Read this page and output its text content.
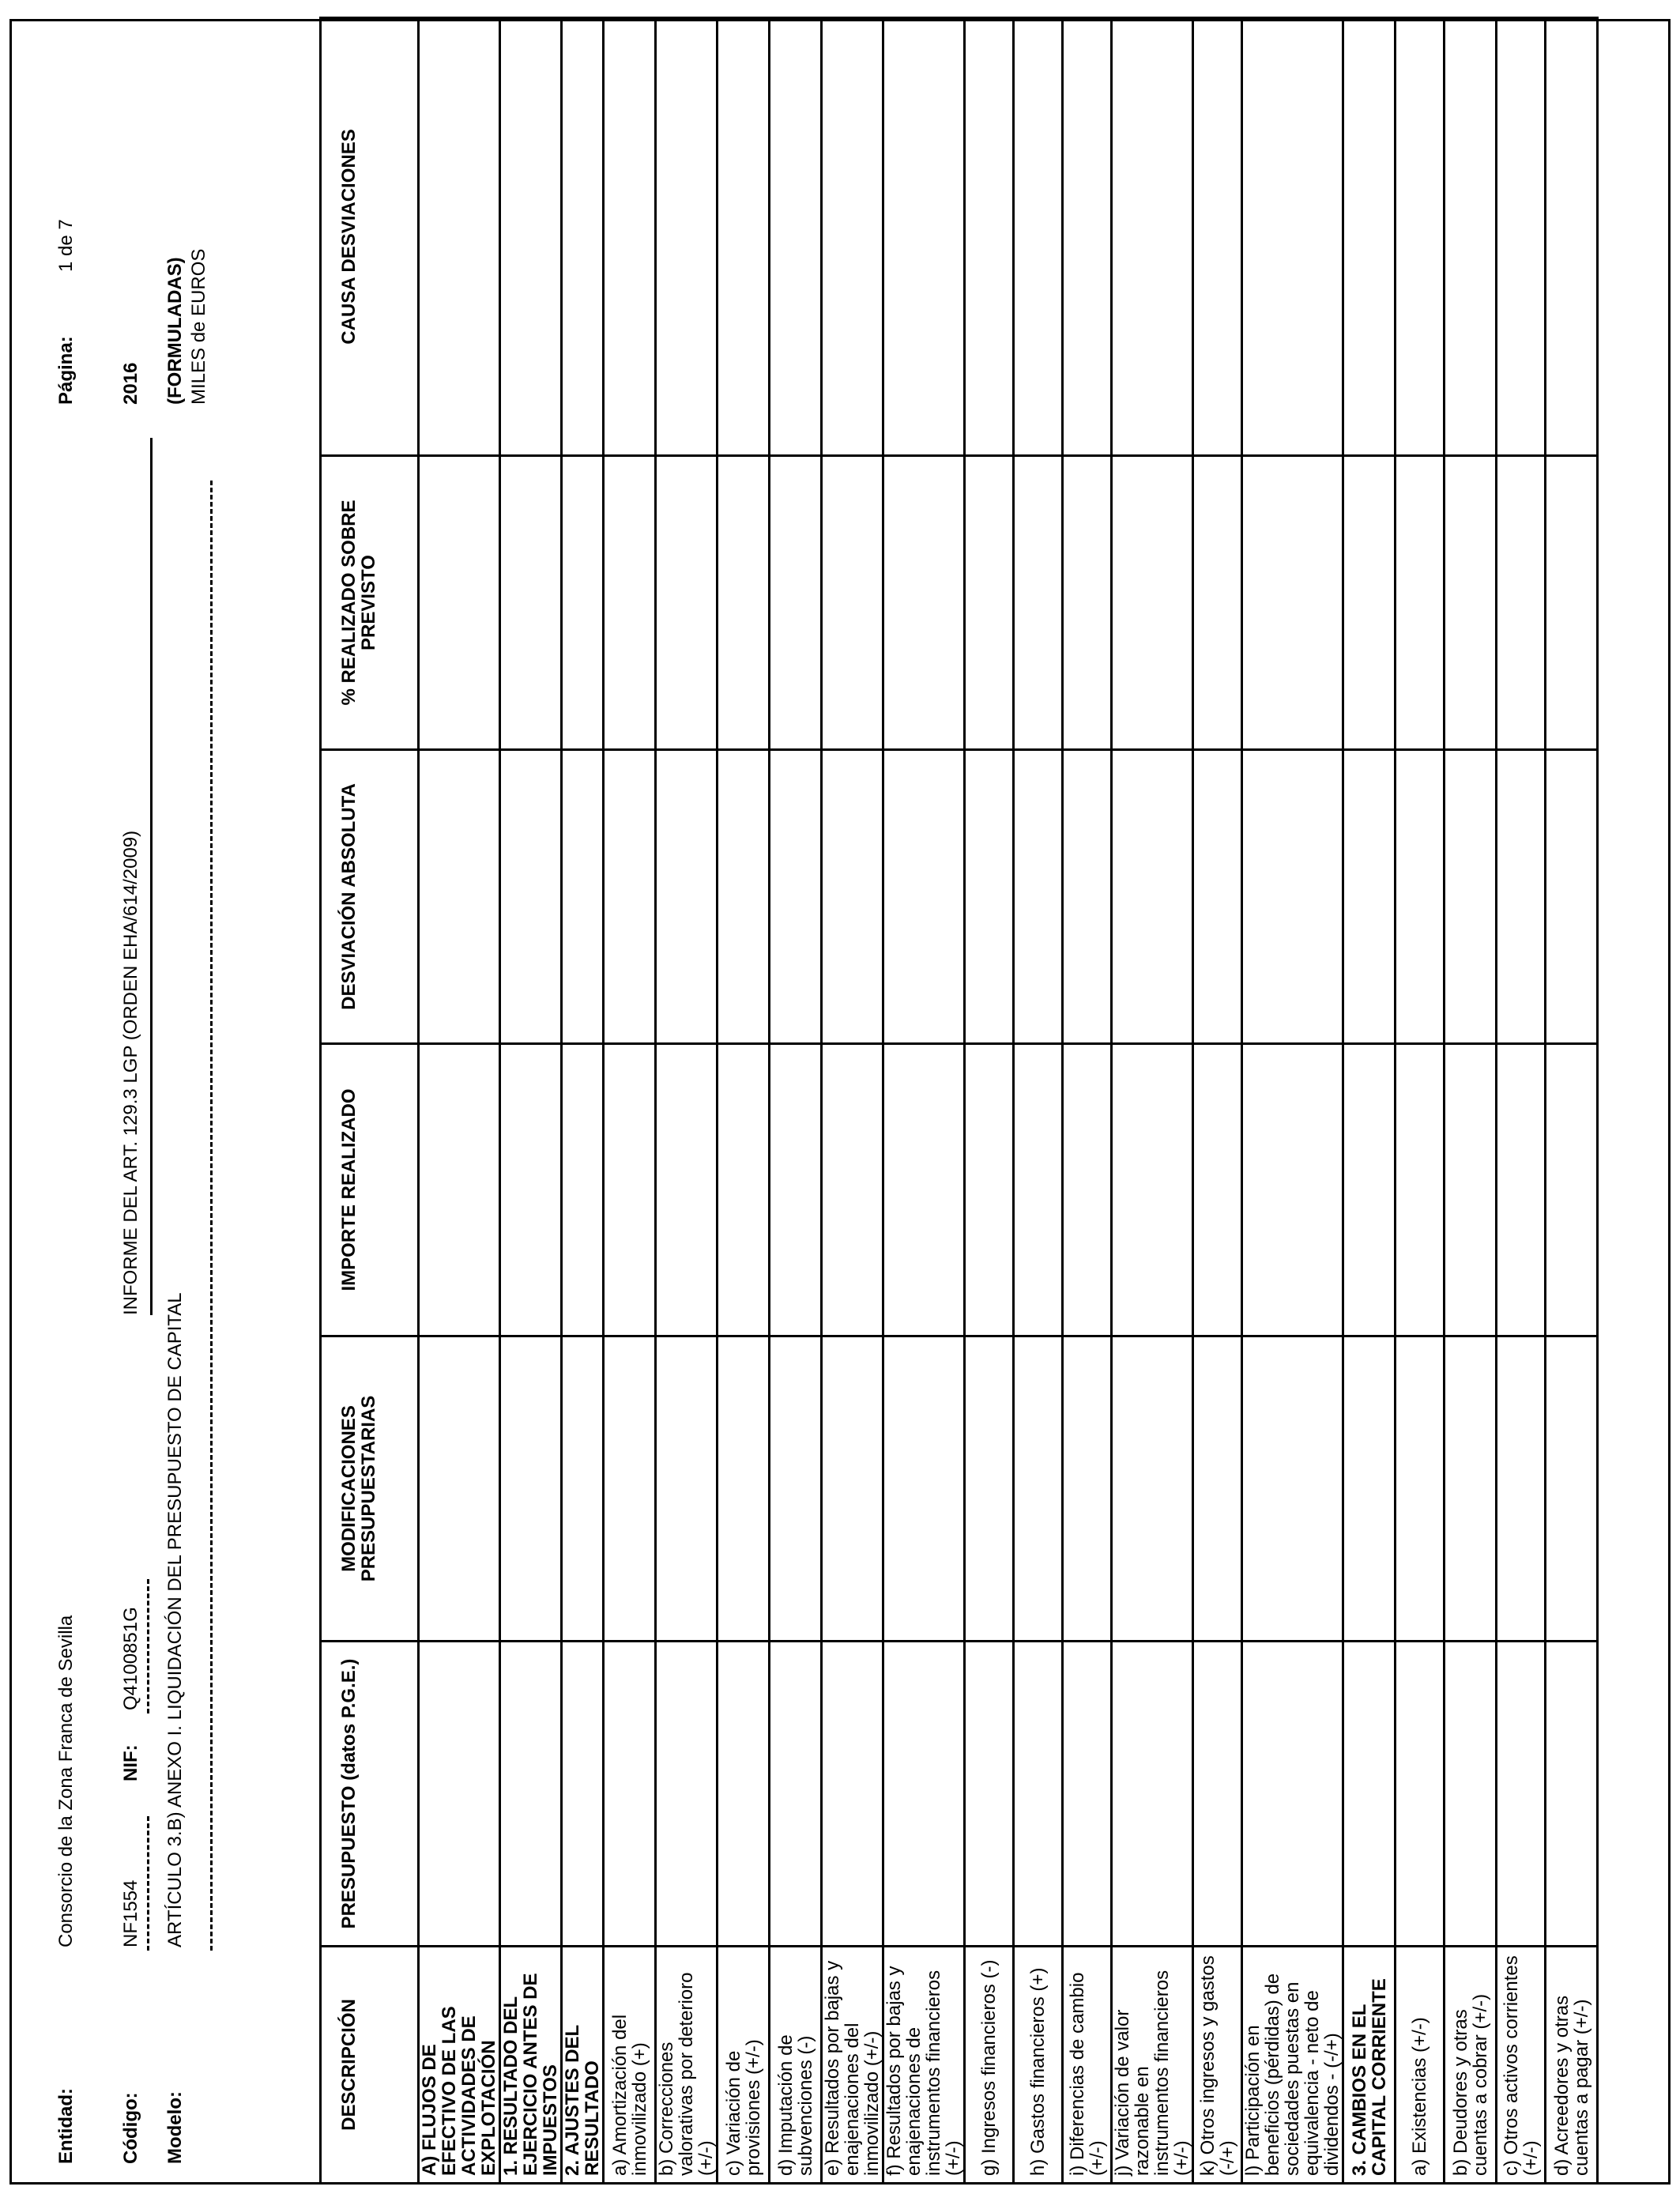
Entidad:
Consorcio de la Zona Franca de Sevilla
Página:
1 de 7
Código:
NF1554
NIF:
Q4100851G
INFORME DEL ART. 129.3 LGP (ORDEN EHA/614/2009)
2016
Modelo:
ARTÍCULO 3.B) ANEXO I. LIQUIDACIÓN DEL PRESUPUESTO DE CAPITAL
(FORMULADAS) MILES de EUROS
DESCRIPCIÓN	PRESUPUESTO (datos P.G.E.)	MODIFICACIONES PRESUPUESTARIAS	IMPORTE REALIZADO	DESVIACIÓN ABSOLUTA	% REALIZADO SOBRE PREVISTO	CAUSA DESVIACIONES
A) FLUJOS DE EFECTIVO DE LAS ACTIVIDADES DE EXPLOTACIÓN						
1. RESULTADO DEL EJERCICIO ANTES DE IMPUESTOS						
2. AJUSTES DEL RESULTADO						
a) Amortización del inmovilizado (+)						
b) Correcciones valorativas por deterioro (+/-)						
c) Variación de provisiones (+/-)						
d) Imputación de subvenciones (-)						
e) Resultados por bajas y enajenaciones del inmovilizado (+/-)						
f) Resultados por bajas y enajenaciones de instrumentos financieros (+/-)						
g) Ingresos financieros (-)						
h) Gastos financieros (+)						
i) Diferencias de cambio (+/-)						
j) Variación de valor razonable en instrumentos financieros (+/-)						
k) Otros ingresos y gastos (-/+)						
l) Participación en beneficios (pérdidas) de sociedades puestas en equivalencia - neto de dividendos - (-/+)						
3. CAMBIOS EN EL CAPITAL CORRIENTE						
a) Existencias (+/-)						
b) Deudores y otras cuentas a cobrar (+/-)						
c) Otros activos corrientes (+/-)						
d) Acreedores y otras cuentas a pagar (+/-)						
